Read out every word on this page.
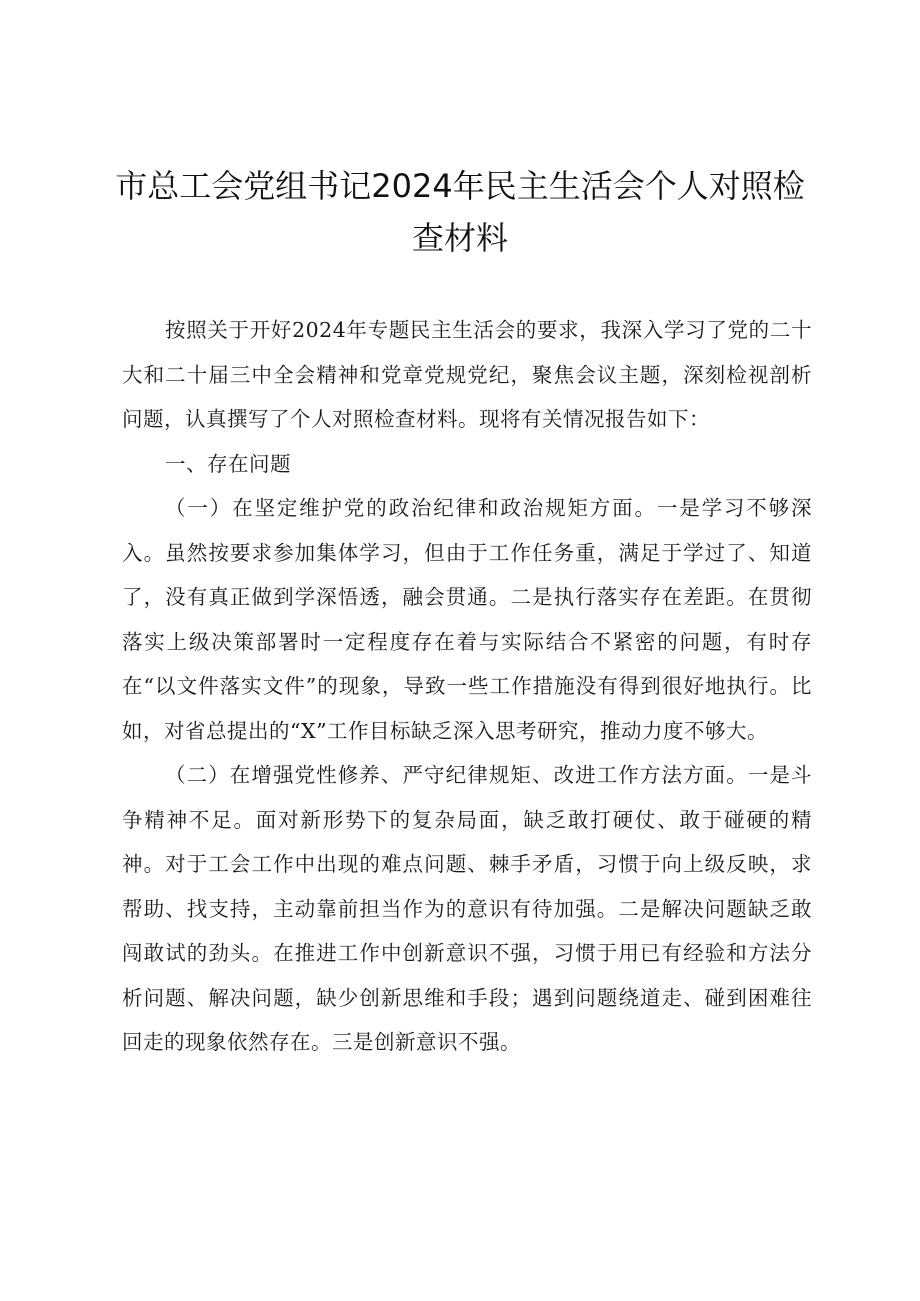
市总工会党组书记2024年民主生活会个人对照检查材料

按照关于开好2024年专题民主生活会的要求，我深入学习了党的二十大和二十届三中全会精神和党章党规党纪，聚焦会议主题，深刻检视剖析问题，认真撰写了个人对照检查材料。现将有关情况报告如下：

一、存在问题

（一）在坚定维护党的政治纪律和政治规矩方面。一是学习不够深入。虽然按要求参加集体学习，但由于工作任务重，满足于学过了、知道了，没有真正做到学深悟透，融会贯通。二是执行落实存在差距。在贯彻落实上级决策部署时一定程度存在着与实际结合不紧密的问题，有时存在“以文件落实文件”的现象，导致一些工作措施没有得到很好地执行。比如，对省总提出的“X”工作目标缺乏深入思考研究，推动力度不够大。

（二）在增强党性修养、严守纪律规矩、改进工作方法方面。一是斗争精神不足。面对新形势下的复杂局面，缺乏敢打硬仗、敢于碰硬的精神。对于工会工作中出现的难点问题、棘手矛盾，习惯于向上级反映，求帮助、找支持，主动靠前担当作为的意识有待加强。二是解决问题缺乏敢闯敢试的劲头。在推进工作中创新意识不强，习惯于用已有经验和方法分析问题、解决问题，缺少创新思维和手段；遇到问题绕道走、碰到困难往回走的现象依然存在。三是创新意识不强。
